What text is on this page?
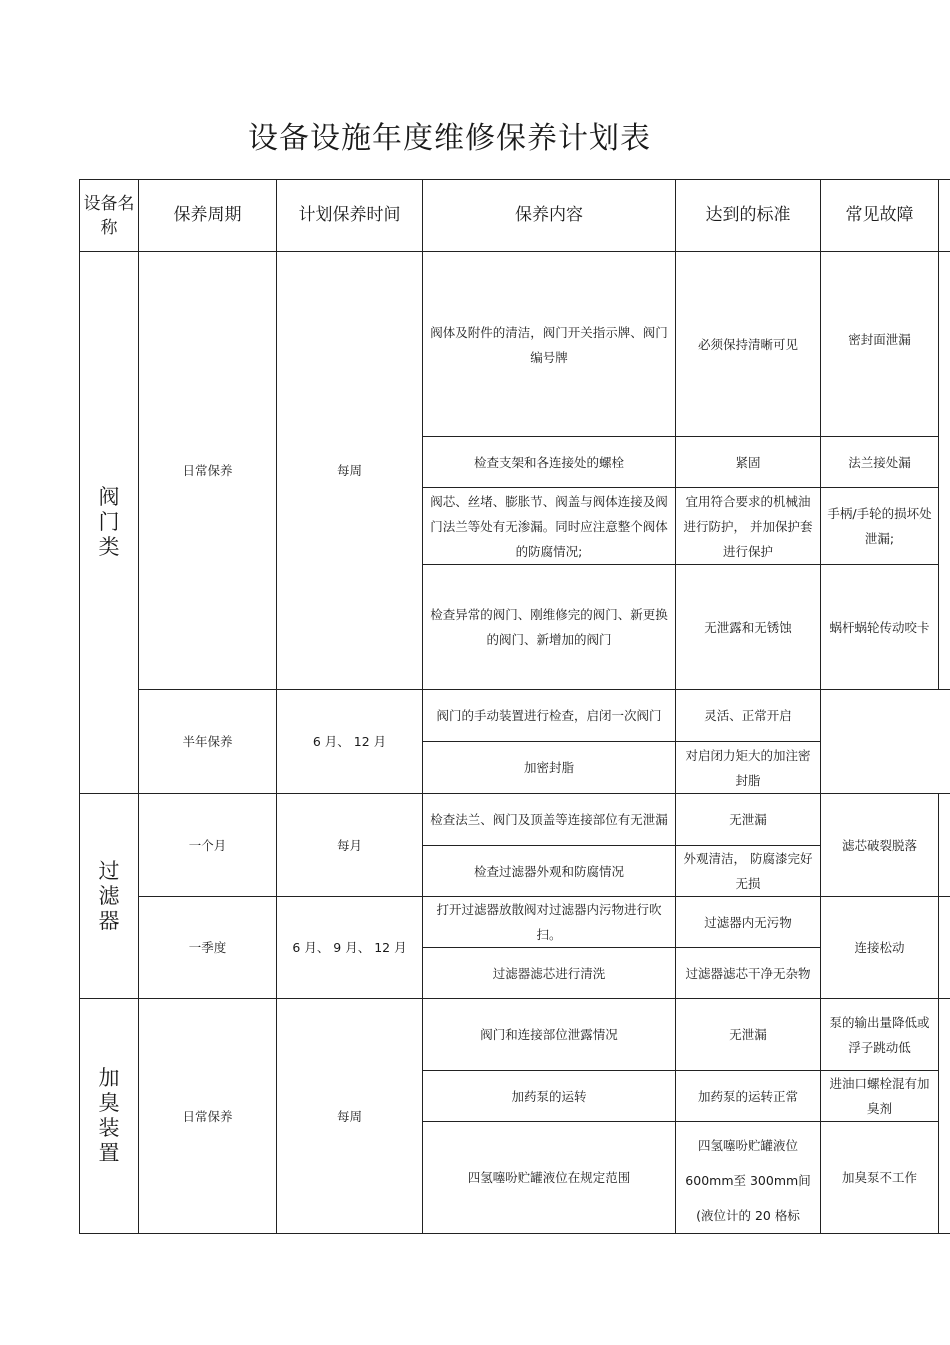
设备设施年度维修保养计划表
设备名称	保养周期	计划保养时间	保养内容	达到的标准	常见故障	

阀
门
类	日常保养	每周	阀体及附件的清洁，阀门开关指示牌、阀门编号牌	必须保持清晰可见	密封面泄漏	
			检查支架和各连接处的螺栓	紧固	法兰接处漏	
			阀芯、丝堵、膨胀节、阀盖与阀体连接及阀门法兰等处有无渗漏。同时应注意整个阀体的防腐情况;	宜用符合要求的机械油进行防护， 并加保护套进行保护	手柄/手轮的损坏处泄漏;	
			检查异常的阀门、刚维修完的阀门、新更换的阀门、新增加的阀门	无泄露和无锈蚀	蜗杆蜗轮传动咬卡	
	半年保养	6 月、 12 月	阀门的手动装置进行检查，启闭一次阀门	灵活、正常开启		
			加密封脂	对启闭力矩大的加注密封脂		

过
滤
器	一个月	每月	检查法兰、阀门及顶盖等连接部位有无泄漏	无泄漏	滤芯破裂脱落	
			检查过滤器外观和防腐情况	外观清洁， 防腐漆完好无损		
	一季度	6 月、 9 月、 12 月	打开过滤器放散阀对过滤器内污物进行吹扫。	过滤器内无污物	连接松动	
			过滤器滤芯进行清洗	过滤器滤芯干净无杂物		

加
臭
装
置	日常保养	每周	阀门和连接部位泄露情况	无泄漏	泵的输出量降低或浮子跳动低	
			加药泵的运转	加药泵的运转正常	进油口螺栓混有加臭剂	
			四氢噻吩贮罐液位在规定范围	四氢噻吩贮罐液位
600mm至 300mm间
(液位计的 20 格标	加臭泵不工作	
